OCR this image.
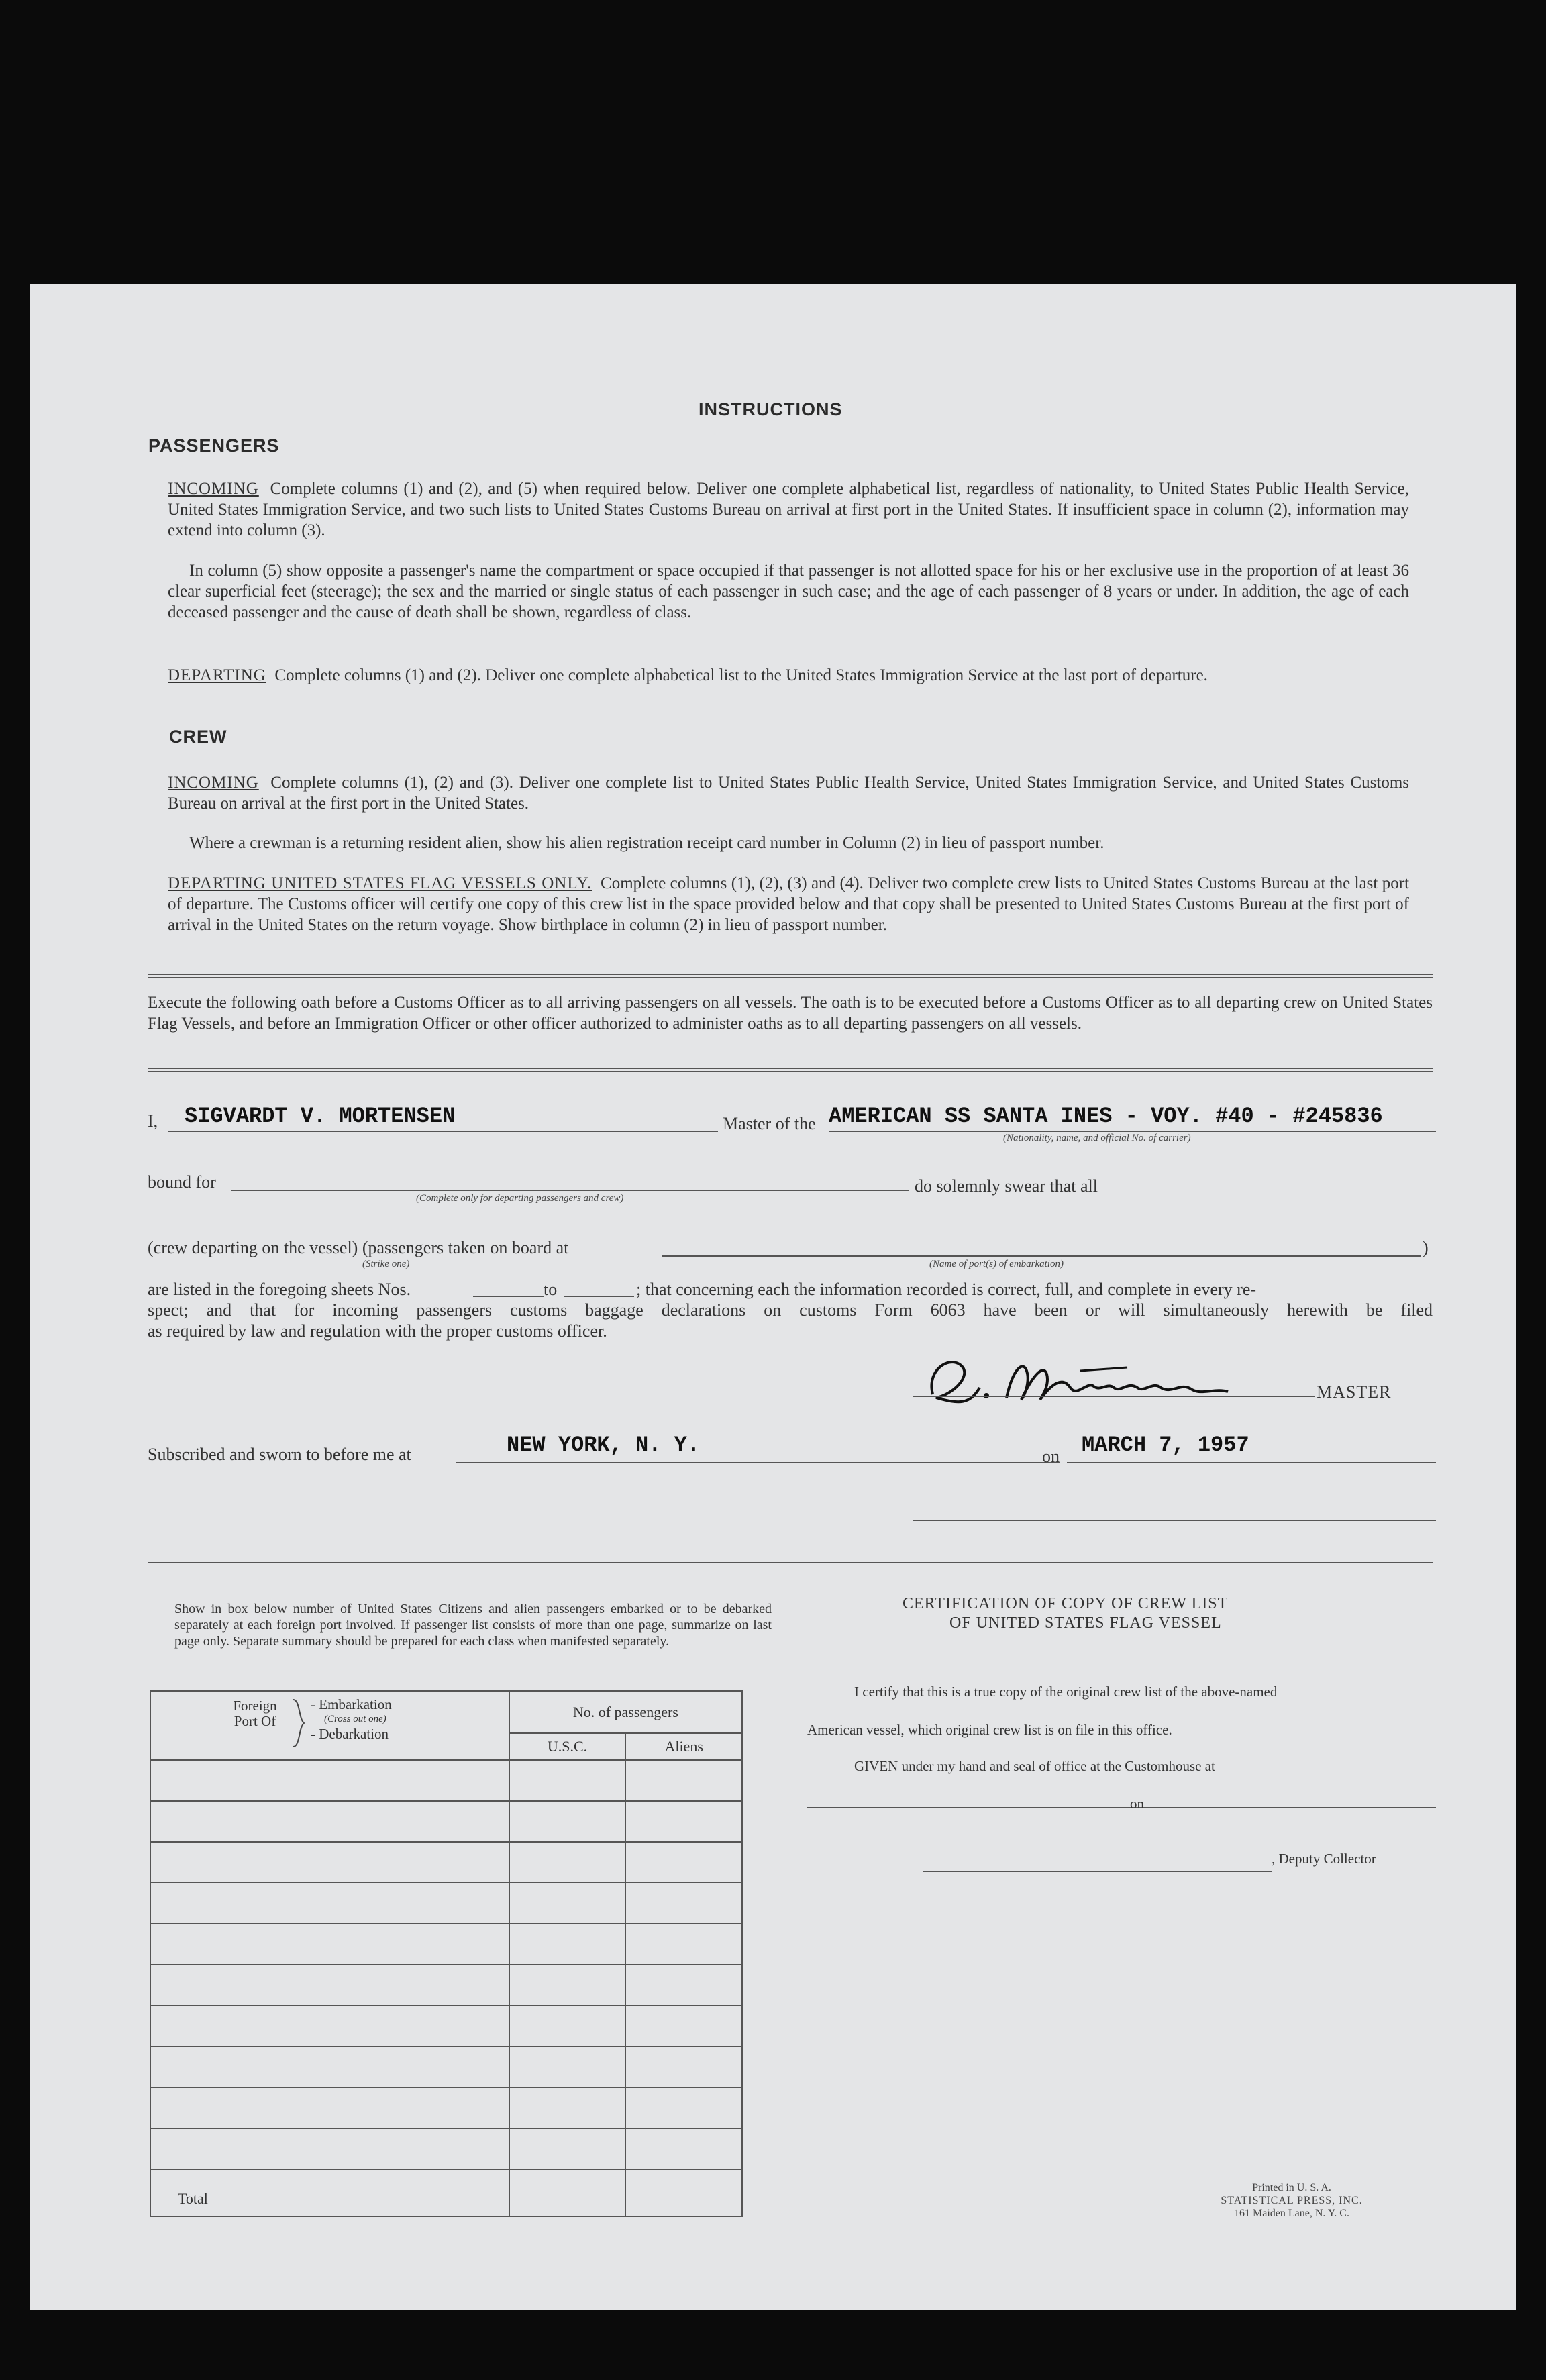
INSTRUCTIONS
PASSENGERS
INCOMING Complete columns (1) and (2), and (5) when required below. Deliver one complete alphabetical list, regardless of nationality, to United States Public Health Service, United States Immigration Service, and two such lists to United States Customs Bureau on arrival at first port in the United States. If insufficient space in column (2), information may extend into column (3).
In column (5) show opposite a passenger's name the compartment or space occupied if that passenger is not allotted space for his or her exclusive use in the proportion of at least 36 clear superficial feet (steerage); the sex and the married or single status of each passenger in such case; and the age of each passenger of 8 years or under. In addition, the age of each deceased passenger and the cause of death shall be shown, regardless of class.
DEPARTING Complete columns (1) and (2). Deliver one complete alphabetical list to the United States Immigration Service at the last port of departure.
CREW
INCOMING Complete columns (1), (2) and (3). Deliver one complete list to United States Public Health Service, United States Immigration Service, and United States Customs Bureau on arrival at the first port in the United States.
Where a crewman is a returning resident alien, show his alien registration receipt card number in Column (2) in lieu of passport number.
DEPARTING UNITED STATES FLAG VESSELS ONLY. Complete columns (1), (2), (3) and (4). Deliver two complete crew lists to United States Customs Bureau at the last port of departure. The Customs officer will certify one copy of this crew list in the space provided below and that copy shall be presented to United States Customs Bureau at the first port of arrival in the United States on the return voyage. Show birthplace in column (2) in lieu of passport number.
Execute the following oath before a Customs Officer as to all arriving passengers on all vessels. The oath is to be executed before a Customs Officer as to all departing crew on United States Flag Vessels, and before an Immigration Officer or other officer authorized to administer oaths as to all departing passengers on all vessels.
I, SIGVARDT V. MORTENSEN	Master of the AMERICAN SS SANTA INES - VOY. #40 - #245836
(Nationality, name, and official No. of carrier)
bound for
(Complete only for departing passengers and crew)
do solemnly swear that all
(crew departing on the vessel) (passengers taken on board at
(Strike one)
)
(Name of port(s) of embarkation)
are listed in the foregoing sheets Nos.	to	; that concerning each the information recorded is correct, full, and complete in every re-
spect; and that for incoming passengers customs baggage declarations on customs Form 6063 have been or will simultaneously herewith be filed
as required by law and regulation with the proper customs officer.
MASTER
Subscribed and sworn to before me at	NEW YORK, N. Y.	on MARCH 7, 1957
Show in box below number of United States Citizens and alien passengers embarked or to be debarked separately at each foreign port involved. If passenger list consists of more than one page, summarize on last page only. Separate summary should be prepared for each class when manifested separately.
Foreign Port Of
- Embarkation
(Cross out one)
- Debarkation	No. of passengers	
	U.S.C.	Aliens

Total		
CERTIFICATION OF COPY OF CREW LIST
OF UNITED STATES FLAG VESSEL
I certify that this is a true copy of the original crew list of the above-named
American vessel, which original crew list is on file in this office.
GIVEN under my hand and seal of office at the Customhouse at
on
, Deputy Collector
Printed in U. S. A.
STATISTICAL PRESS, INC.
161 Maiden Lane, N. Y. C.
